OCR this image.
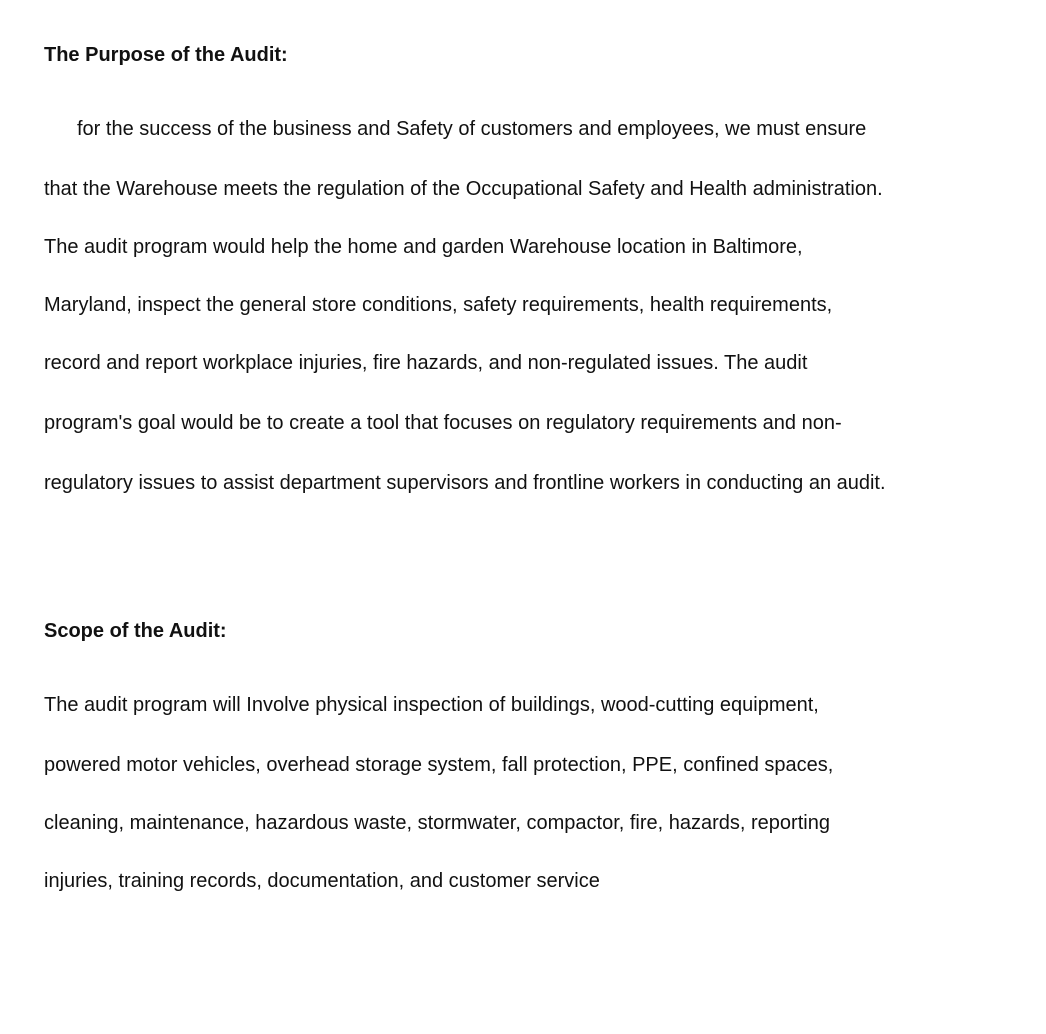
The Purpose of the Audit:
for the success of the business and Safety of customers and employees, we must ensure
that the Warehouse meets the regulation of the Occupational Safety and Health administration.
The audit program would help the home and garden Warehouse location in Baltimore,
Maryland, inspect the general store conditions, safety requirements, health requirements,
record and report workplace injuries, fire hazards, and non-regulated issues. The audit
program's goal would be to create a tool that focuses on regulatory requirements and non-
regulatory issues to assist department supervisors and frontline workers in conducting an audit.
Scope of the Audit:
The audit program will Involve physical inspection of buildings, wood-cutting equipment,
powered motor vehicles, overhead storage system, fall protection, PPE, confined spaces,
cleaning, maintenance, hazardous waste, stormwater, compactor, fire, hazards, reporting
injuries, training records, documentation, and customer service
